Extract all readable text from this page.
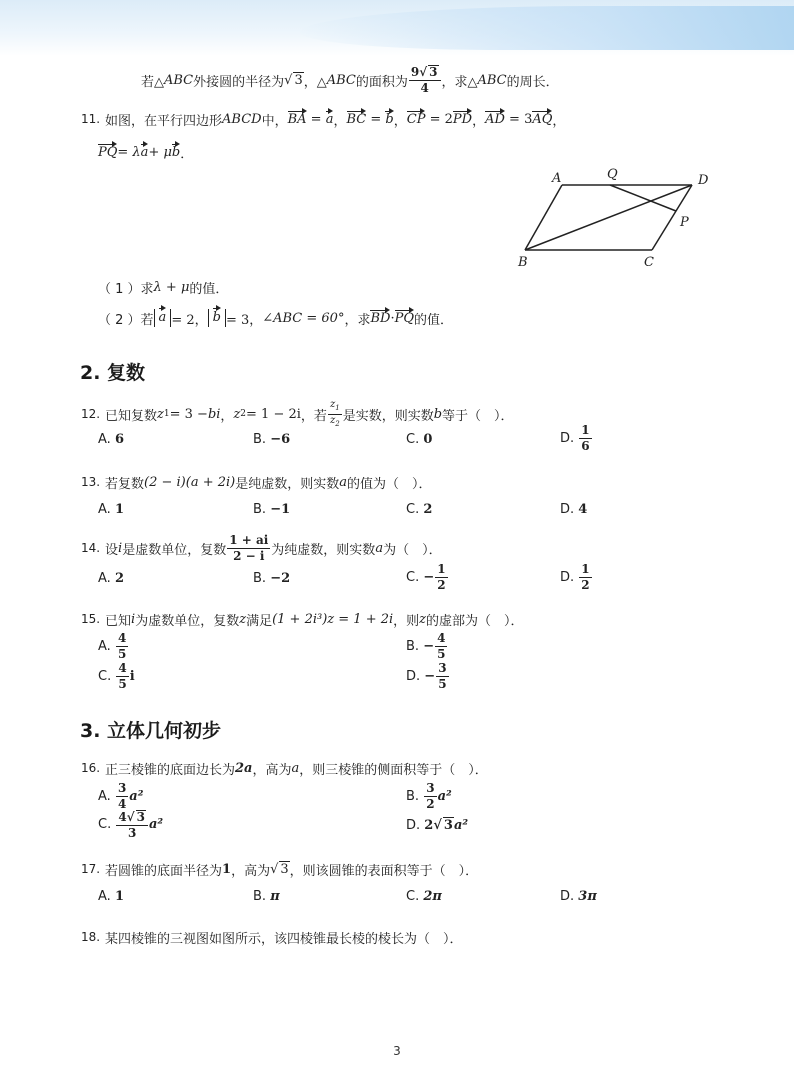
若△ ABC 外接圆的半径为 √ 3 ，△ ABC 的面积为 $\frac{9√ 3}{4}$ ，求△ ABC 的周长．
11. 如图，在平行四边形 ABCD 中， BA = a ， BC = b ， CP = 2 PD ， AD = 3 AQ ，
PQ = λ a + μ b ．
A	Q	D
P
B	C
（ 1 ）求 λ + μ 的值．
（ 2 ）若 a = 2， b = 3， ∠ABC = 60° ，求 BD · PQ 的值．
2. 复数
12. 已知复数 z 1 = 3 − bi ， z 2 = 1 − 2i ，若 $\frac{z_1}{z_2}$ 是实数，则实数 b 等于（　）．
A. 6	B. −6	C. 0	D.
$\frac{1}{6}$
13. 若复数 (2 − i)(a + 2i) 是纯虚数，则实数 a 的值为（　）．
A. 1	B. −1	C. 2	D. 4
14. 设 i 是虚数单位，复数 $\frac{1 + ai}{2 - i}$ 为纯虚数，则实数 a 为（　）．
A. 2	B. −2	C.
− $\frac{1}{2}$	D.
$\frac{1}{2}$
15. 已知 i 为虚数单位，复数 z 满足 (1 + 2i³)z = 1 + 2i ，则 z 的虚部为（　）．
A.
$\frac{4}{5}$	B.
− $\frac{4}{5}$
C.
$\frac{4}{5}$ i	D.
− $\frac{3}{5}$
3. 立体几何初步
16. 正三棱锥的底面边长为 2a ，高为 a ，则三棱锥的侧面积等于（　）．
A.
$\frac{3}{4} a^2$	B.
$\frac{3}{2} a^2$
C.
$\frac{4√ 3}{3} a^2$	D.
2 √ 3 a²
17. 若圆锥的底面半径为 1 ，高为 √ 3 ，则该圆锥的表面积等于（　）．
A. 1	B. π	C. 2π	D. 3π
18. 某四棱锥的三视图如图所示，该四棱锥最长棱的棱长为（　）．
3
